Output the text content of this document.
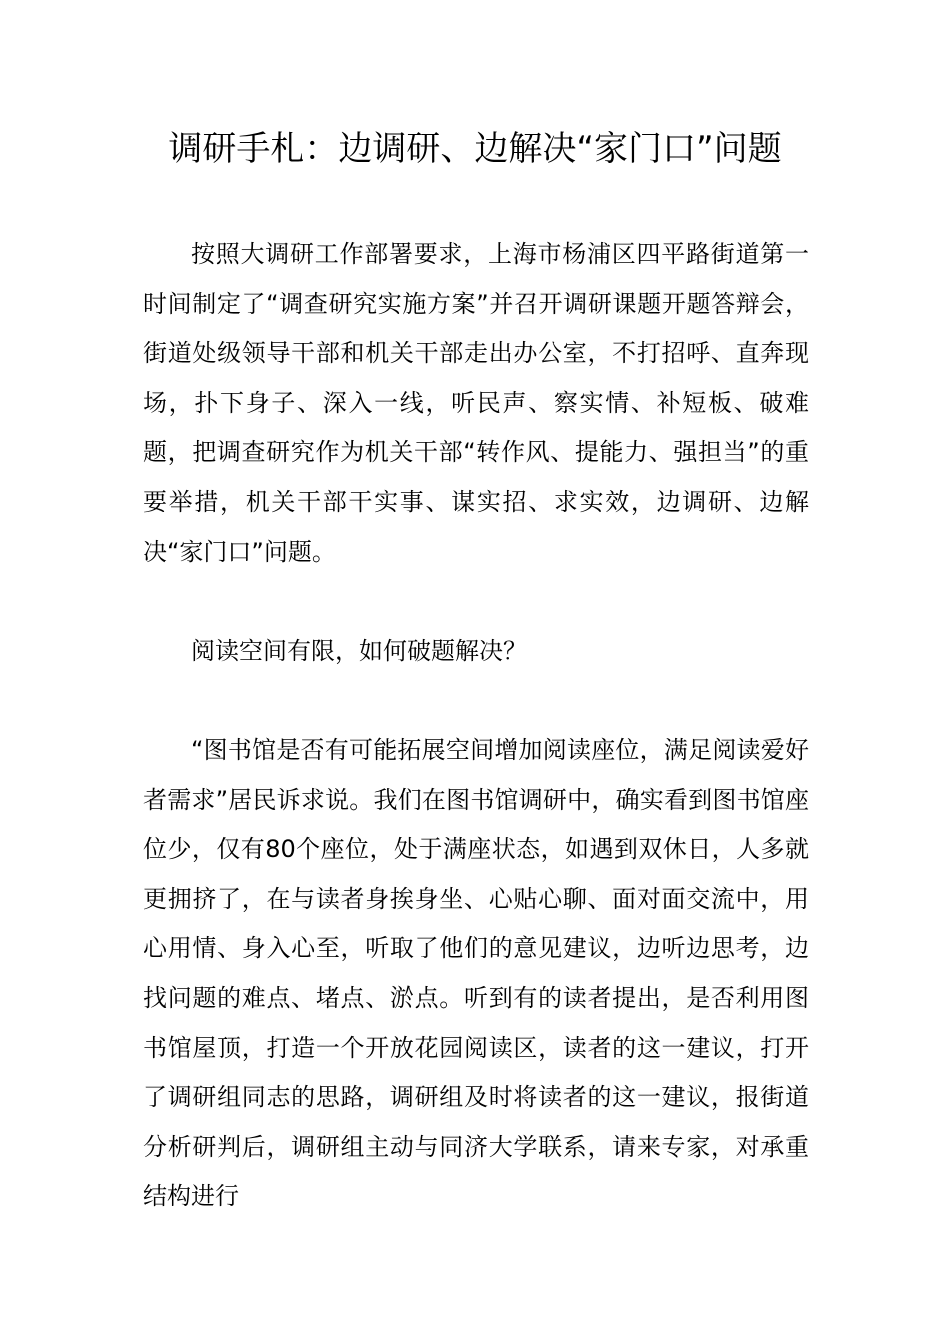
调研手札：边调研、边解决“家门口”问题

按照大调研工作部署要求，上海市杨浦区四平路街道第一时间制定了“调查研究实施方案”并召开调研课题开题答辩会，街道处级领导干部和机关干部走出办公室，不打招呼、直奔现场，扑下身子、深入一线，听民声、察实情、补短板、破难题，把调查研究作为机关干部“转作风、提能力、强担当”的重要举措，机关干部干实事、谋实招、求实效，边调研、边解决“家门口”问题。

阅读空间有限，如何破题解决？

“图书馆是否有可能拓展空间增加阅读座位，满足阅读爱好者需求”居民诉求说。我们在图书馆调研中，确实看到图书馆座位少，仅有80个座位，处于满座状态，如遇到双休日，人多就更拥挤了，在与读者身挨身坐、心贴心聊、面对面交流中，用心用情、身入心至，听取了他们的意见建议，边听边思考，边找问题的难点、堵点、淤点。听到有的读者提出，是否利用图书馆屋顶，打造一个开放花园阅读区，读者的这一建议，打开了调研组同志的思路，调研组及时将读者的这一建议，报街道分析研判后，调研组主动与同济大学联系，请来专家，对承重结构进行
